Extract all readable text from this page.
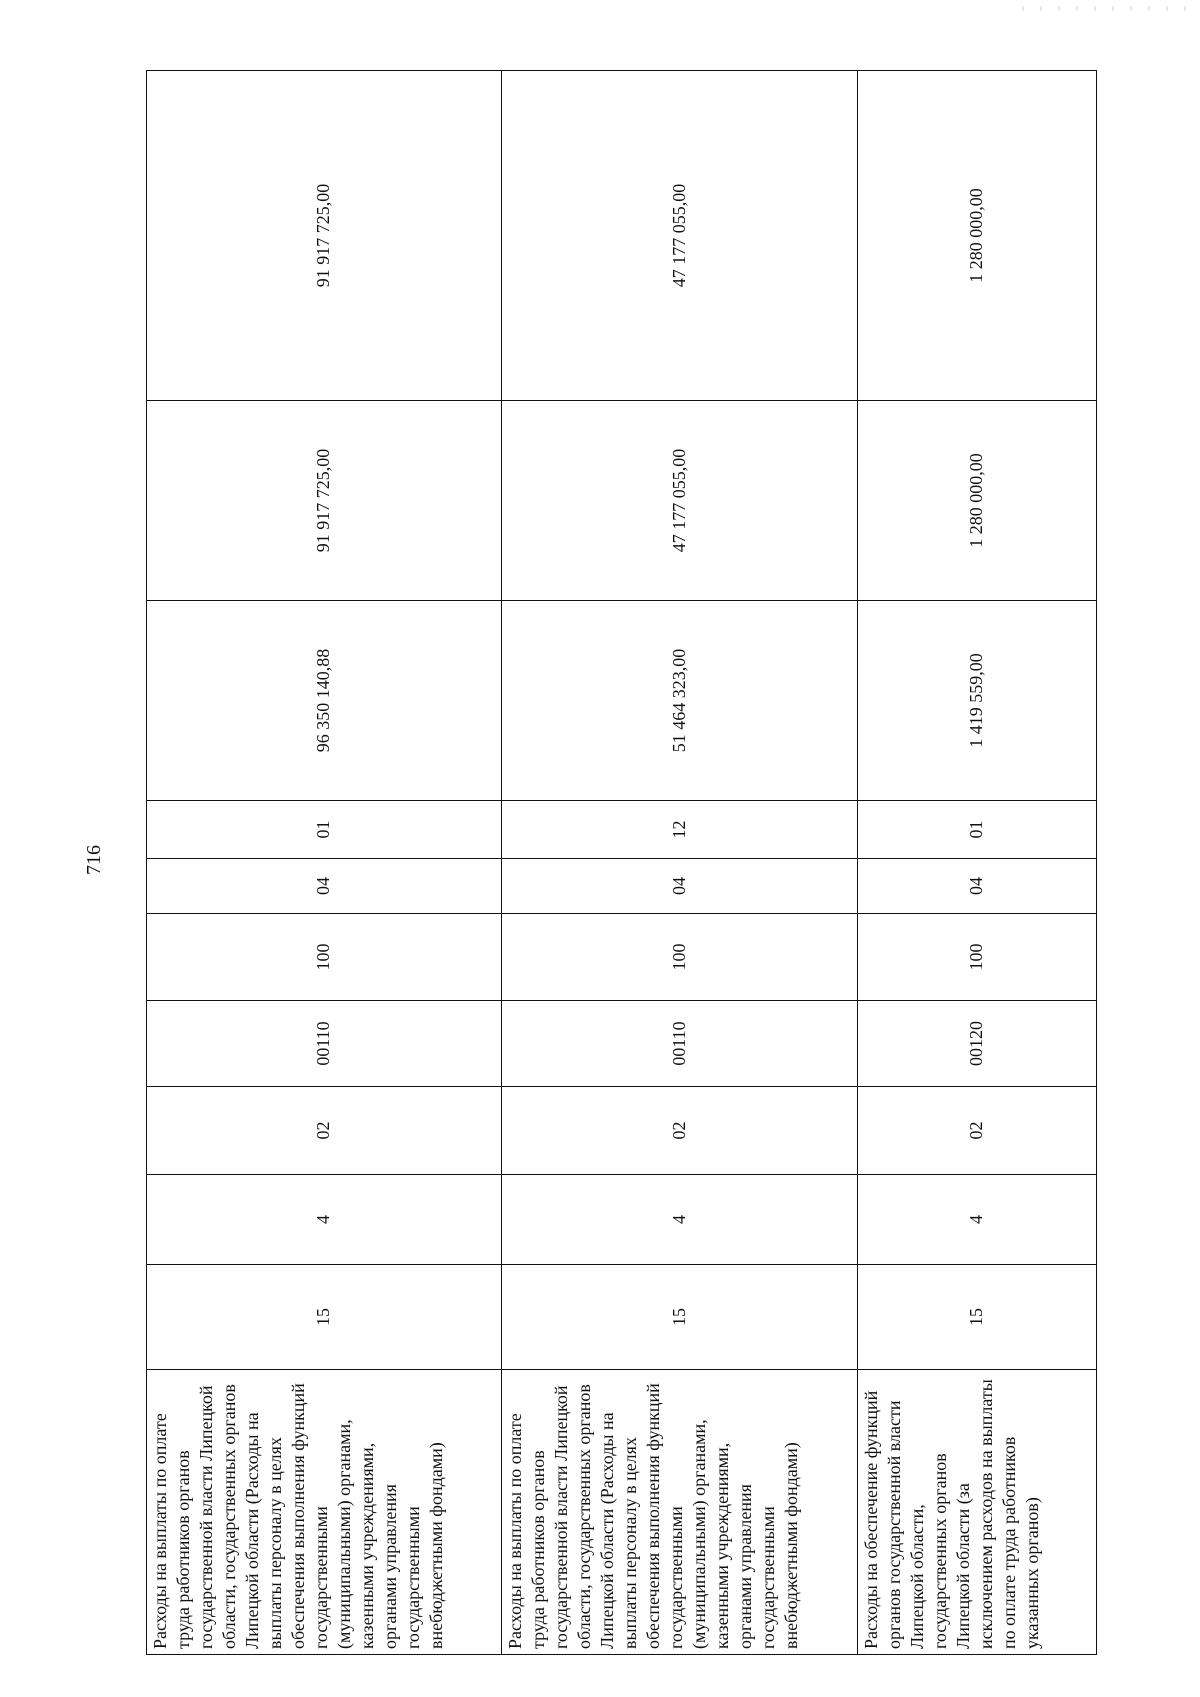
716
Расходы на выплаты по оплате труда работников органов государственной власти Липецкой области, государственных органов Липецкой области (Расходы на выплаты персоналу в целях обеспечения выполнения функций государственными (муниципальными) органами, казенными учреждениями, органами управления государственными внебюджетными фондами)	15	4	02	00110	100	04	01	96 350 140,88	91 917 725,00	91 917 725,00

Расходы на выплаты по оплате труда работников органов государственной власти Липецкой области, государственных органов Липецкой области (Расходы на выплаты персоналу в целях обеспечения выполнения функций государственными (муниципальными) органами, казенными учреждениями, органами управления государственными внебюджетными фондами)	15	4	02	00110	100	04	12	51 464 323,00	47 177 055,00	47 177 055,00

Расходы на обеспечение функций органов государственной власти Липецкой области, государственных органов Липецкой области (за исключением расходов на выплаты по оплате труда работников указанных органов)	15	4	02	00120	100	04	01	1 419 559,00	1 280 000,00	1 280 000,00
